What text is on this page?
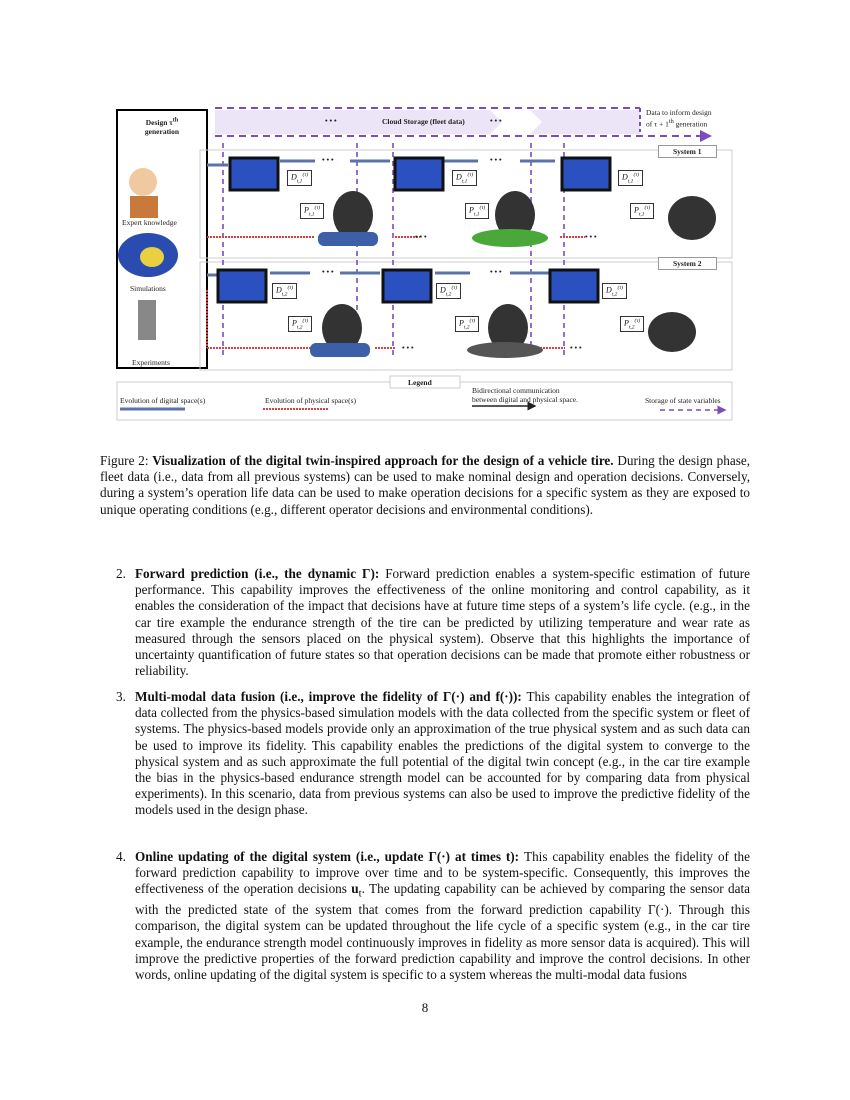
Design $\tau^{th}$
generation
Expert knowledge
Simulations
Experiments
Cloud Storage (fleet data)
• • •	• • •
Data to inform design
of τ + 1th generation
System 1
System 2
• • •	• • •
• • •	• • •
• • •	• • •
• • •	• • •
$D_{t,1}^{(\tau)}$
$P_{t,1}^{(\tau)}$
$D_{t,1}^{(\tau)}$
$P_{t,1}^{(\tau)}$
$D_{t,1}^{(\tau)}$
$P_{t,1}^{(\tau)}$
$D_{t,2}^{(\tau)}$
$P_{t,2}^{(\tau)}$
$D_{t,2}^{(\tau)}$
$P_{t,2}^{(\tau)}$
$D_{t,2}^{(\tau)}$
$P_{t,2}^{(\tau)}$
Legend
Evolution of digital space(s)	Evolution of physical space(s)
Bidirectional communication
between digital and physical space.	Storage of state variables
Figure 2: Visualization of the digital twin-inspired approach for the design of a vehicle tire. During the design phase, fleet data (i.e., data from all previous systems) can be used to make nominal design and operation decisions. Conversely, during a system’s operation life data can be used to make operation decisions for a specific system as they are exposed to unique operating conditions (e.g., different operator decisions and environmental conditions).
2. Forward prediction (i.e., the dynamic Γ): Forward prediction enables a system-specific estimation of future performance. This capability improves the effectiveness of the online monitoring and control capability, as it enables the consideration of the impact that decisions have at future time steps of a system’s life cycle. (e.g., in the car tire example the endurance strength of the tire can be predicted by utilizing temperature and wear rate as measured through the sensors placed on the physical system). Observe that this highlights the importance of uncertainty quantification of future states so that operation decisions can be made that promote either robustness or reliability.
3. Multi-modal data fusion (i.e., improve the fidelity of Γ(·) and f(·)): This capability enables the integration of data collected from the physics-based simulation models with the data collected from the specific system or fleet of systems. The physics-based models provide only an approximation of the true physical system and as such data can be used to improve its fidelity. This capability enables the predictions of the digital system to converge to the physical system and as such approximate the full potential of the digital twin concept (e.g., in the car tire example the bias in the physics-based endurance strength model can be accounted for by comparing data from physical experiments). In this scenario, data from previous systems can also be used to improve the predictive fidelity of the models used in the design phase.
4. Online updating of the digital system (i.e., update Γ(·) at times t): This capability enables the fidelity of the forward prediction capability to improve over time and to be system-specific. Consequently, this improves the effectiveness of the operation decisions $u_t$. The updating capability can be achieved by comparing the sensor data with the predicted state of the system that comes from the forward prediction capability Γ(·). Through this comparison, the digital system can be updated throughout the life cycle of a specific system (e.g., in the car tire example, the endurance strength model continuously improves in fidelity as more sensor data is acquired). This will improve the predictive properties of the forward prediction capability and improve the control decisions. In other words, online updating of the digital system is specific to a system whereas the multi-modal data fusions
8
